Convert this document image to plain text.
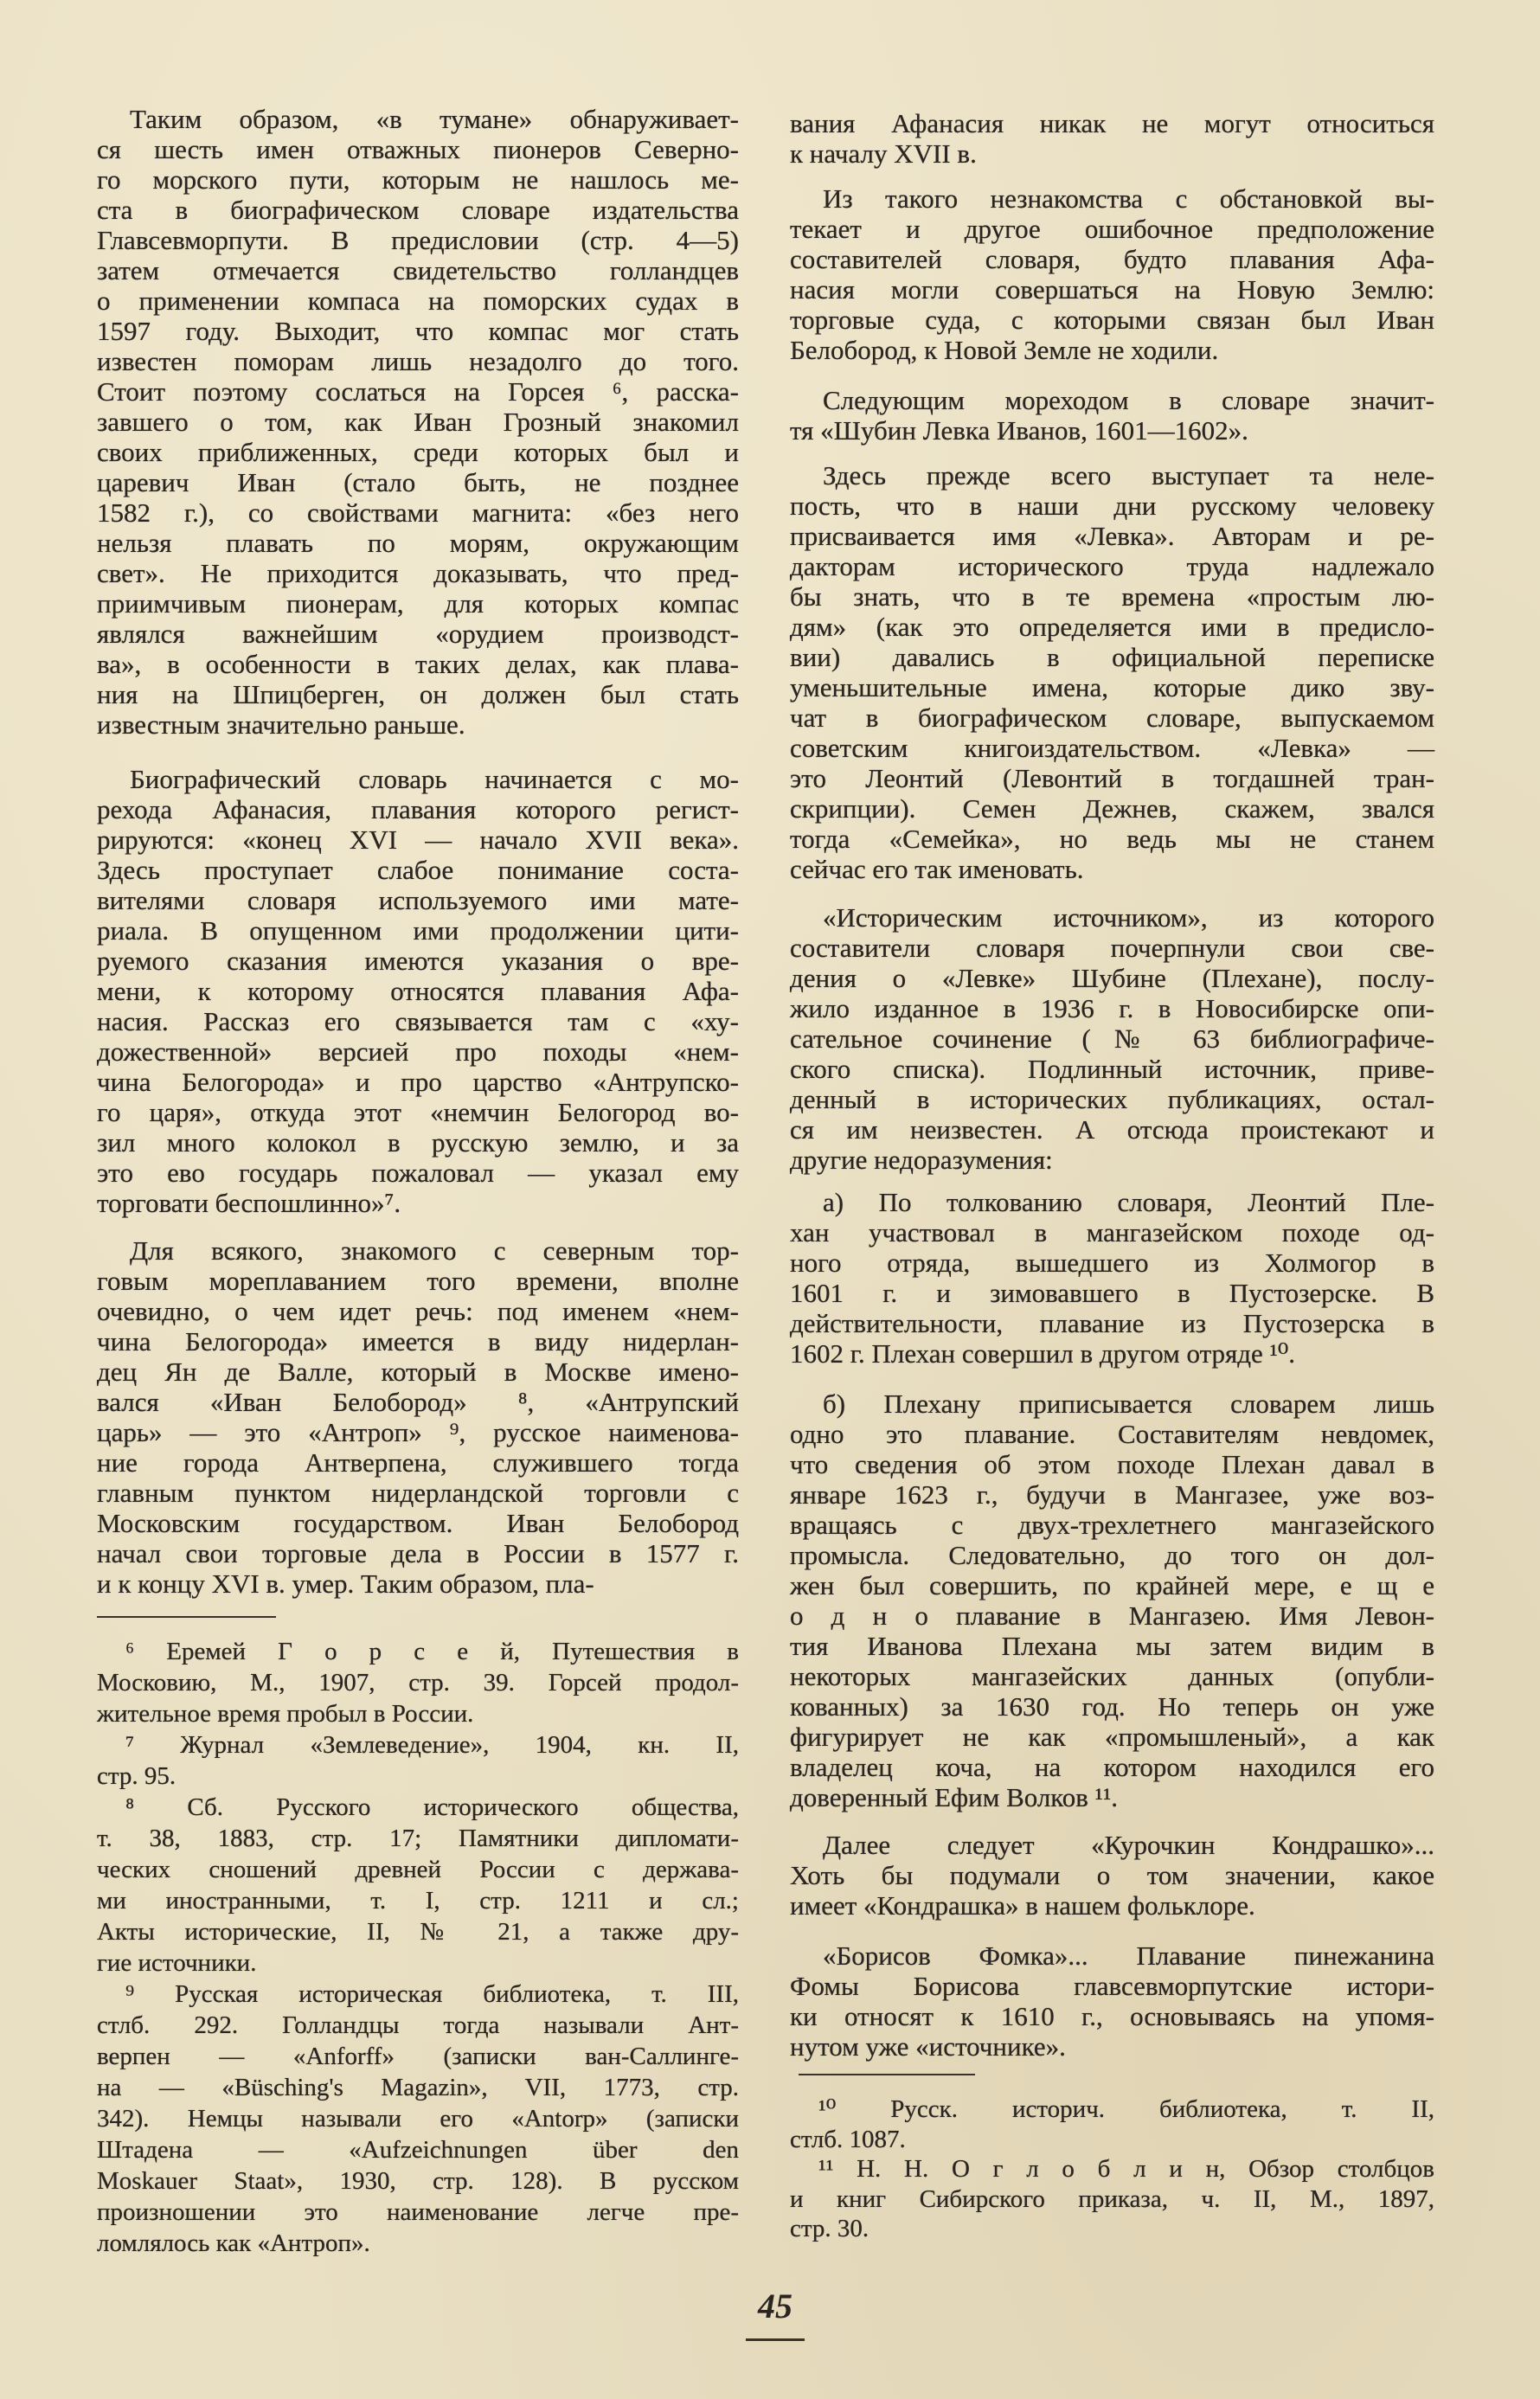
Таким образом, «в тумане» обнаруживает-
ся шесть имен отважных пионеров Северно-
го морского пути, которым не нашлось ме-
ста в биографическом словаре издательства
Главсевморпути. В предисловии (стр. 4—5)
затем отмечается свидетельство голландцев
о применении компаса на поморских судах в
1597 году. Выходит, что компас мог стать
известен поморам лишь незадолго до того.
Стоит поэтому сослаться на Горсея ⁶, расска-
завшего о том, как Иван Грозный знакомил
своих приближенных, среди которых был и
царевич Иван (стало быть, не позднее
1582 г.), со свойствами магнита: «без него
нельзя плавать по морям, окружающим
свет». Не приходится доказывать, что пред-
приимчивым пионерам, для которых компас
являлся важнейшим «орудием производст-
ва», в особенности в таких делах, как плава-
ния на Шпицберген, он должен был стать
известным значительно раньше.
Биографический словарь начинается с мо-
рехода Афанасия, плавания которого регист-
рируются: «конец XVI — начало XVII века».
Здесь проступает слабое понимание соста-
вителями словаря используемого ими мате-
риала. В опущенном ими продолжении цити-
руемого сказания имеются указания о вре-
мени, к которому относятся плавания Афа-
насия. Рассказ его связывается там с «ху-
дожественной» версией про походы «нем-
чина Белогорода» и про царство «Антрупско-
го царя», откуда этот «немчин Белогород во-
зил много колокол в русскую землю, и за
это ево государь пожаловал — указал ему
торговати беспошлинно»⁷.
Для всякого, знакомого с северным тор-
говым мореплаванием того времени, вполне
очевидно, о чем идет речь: под именем «нем-
чина Белогорода» имеется в виду нидерлан-
дец Ян де Валле, который в Москве имено-
вался «Иван Белобород» ⁸, «Антрупский
царь» — это «Антроп» ⁹, русское наименова-
ние города Антверпена, служившего тогда
главным пунктом нидерландской торговли с
Московским государством. Иван Белобород
начал свои торговые дела в России в 1577 г.
и к концу XVI в. умер. Таким образом, пла-
⁶ Еремей Г о р с е й, Путешествия в
Московию, М., 1907, стр. 39. Горсей продол-
жительное время пробыл в России.
⁷ Журнал «Землеведение», 1904, кн. II,
стр. 95.
⁸ Сб. Русского исторического общества,
т. 38, 1883, стр. 17; Памятники дипломати-
ческих сношений древней России с держава-
ми иностранными, т. I, стр. 1211 и сл.;
Акты исторические, II, № 21, а также дру-
гие источники.
⁹ Русская историческая библиотека, т. III,
стлб. 292. Голландцы тогда называли Ант-
верпен — «Anforff» (записки ван-Саллинге-
на — «Büsching's Magazin», VII, 1773, стр.
342). Немцы называли его «Antorp» (записки
Штадена — «Aufzeichnungen über den
Moskauer Staat», 1930, стр. 128). В русском
произношении это наименование легче пре-
ломлялось как «Антроп».
вания Афанасия никак не могут относиться
к началу XVII в.
Из такого незнакомства с обстановкой вы-
текает и другое ошибочное предположение
составителей словаря, будто плавания Афа-
насия могли совершаться на Новую Землю:
торговые суда, с которыми связан был Иван
Белобород, к Новой Земле не ходили.
Следующим мореходом в словаре значит-
тя «Шубин Левка Иванов, 1601—1602».
Здесь прежде всего выступает та неле-
пость, что в наши дни русскому человеку
присваивается имя «Левка». Авторам и ре-
дакторам исторического труда надлежало
бы знать, что в те времена «простым лю-
дям» (как это определяется ими в предисло-
вии) давались в официальной переписке
уменьшительные имена, которые дико зву-
чат в биографическом словаре, выпускаемом
советским книгоиздательством. «Левка» —
это Леонтий (Левонтий в тогдашней тран-
скрипции). Семен Дежнев, скажем, звался
тогда «Семейка», но ведь мы не станем
сейчас его так именовать.
«Историческим источником», из которого
составители словаря почерпнули свои све-
дения о «Левке» Шубине (Плехане), послу-
жило изданное в 1936 г. в Новосибирске опи-
сательное сочинение (№ 63 библиографиче-
ского списка). Подлинный источник, приве-
денный в исторических публикациях, остал-
ся им неизвестен. А отсюда проистекают и
другие недоразумения:
а) По толкованию словаря, Леонтий Пле-
хан участвовал в мангазейском походе од-
ного отряда, вышедшего из Холмогор в
1601 г. и зимовавшего в Пустозерске. В
действительности, плавание из Пустозерска в
1602 г. Плехан совершил в другом отряде ¹⁰.
б) Плехану приписывается словарем лишь
одно это плавание. Составителям невдомек,
что сведения об этом походе Плехан давал в
январе 1623 г., будучи в Мангазее, уже воз-
вращаясь с двух-трехлетнего мангазейского
промысла. Следовательно, до того он дол-
жен был совершить, по крайней мере, е щ е
о д н о плавание в Мангазею. Имя Левон-
тия Иванова Плехана мы затем видим в
некоторых мангазейских данных (опубли-
кованных) за 1630 год. Но теперь он уже
фигурирует не как «промышленый», а как
владелец коча, на котором находился его
доверенный Ефим Волков ¹¹.
Далее следует «Курочкин Кондрашко»...
Хоть бы подумали о том значении, какое
имеет «Кондрашка» в нашем фольклоре.
«Борисов Фомка»... Плавание пинежанина
Фомы Борисова главсевморпутские истори-
ки относят к 1610 г., основываясь на упомя-
нутом уже «источнике».
¹⁰ Русск. историч. библиотека, т. II,
стлб. 1087.
¹¹ Н. Н. О г л о б л и н, Обзор столбцов
и книг Сибирского приказа, ч. II, М., 1897,
стр. 30.
45
